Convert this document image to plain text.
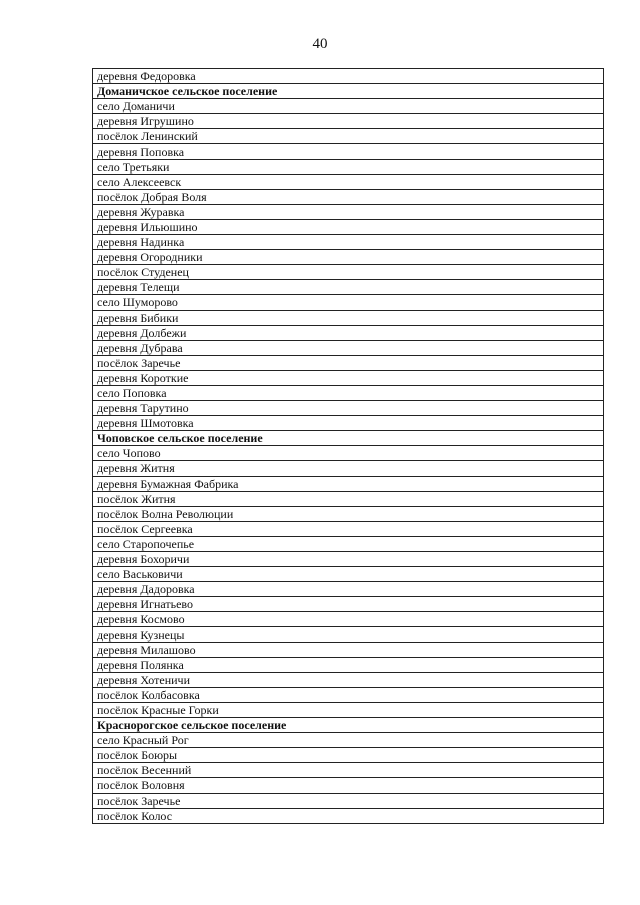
40
деревня Федоровка
Доманичское сельское поселение
село Доманичи
деревня Игрушино
посёлок Ленинский
деревня Поповка
село Третьяки
село Алексеевск
посёлок Добрая Воля
деревня Журавка
деревня Ильюшино
деревня Надинка
деревня Огородники
посёлок Студенец
деревня Телещи
село Шуморово
деревня Бибики
деревня Долбежи
деревня Дубрава
посёлок Заречье
деревня Короткие
село Поповка
деревня Тарутино
деревня Шмотовка
Чоповское сельское поселение
село Чопово
деревня Житня
деревня Бумажная Фабрика
посёлок Житня
посёлок Волна Революции
посёлок Сергеевка
село Старопочепье
деревня Бохоричи
село Васьковичи
деревня Дадоровка
деревня Игнатьево
деревня Космово
деревня Кузнецы
деревня Милашово
деревня Полянка
деревня Хотеничи
посёлок Колбасовка
посёлок Красные Горки
Краснорогское сельское поселение
село Красный Рог
посёлок Боюры
посёлок Весенний
посёлок Воловня
посёлок Заречье
посёлок Колос
